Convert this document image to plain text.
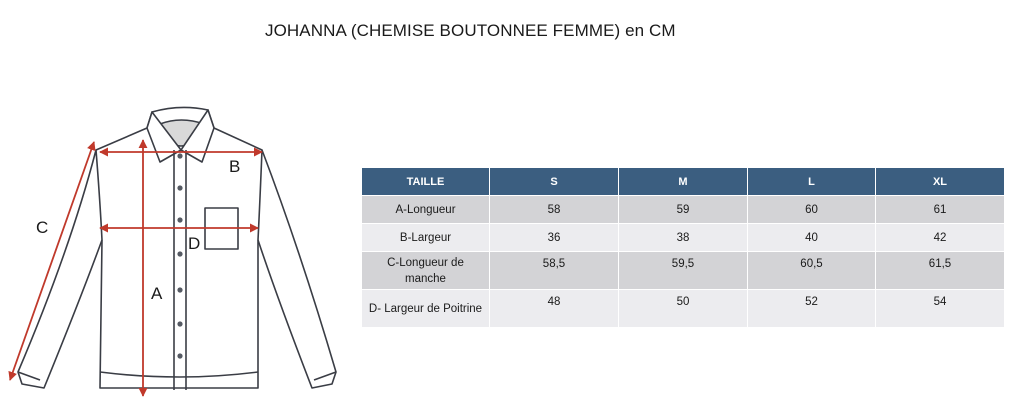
JOHANNA (CHEMISE BOUTONNEE FEMME) en CM
B
C
D
A
TAILLE	S	M	L	XL
A-Longueur	58	59	60	61
B-Largeur	36	38	40	42
C-Longueur de manche	58,5	59,5	60,5	61,5
D- Largeur de Poitrine	48	50	52	54
